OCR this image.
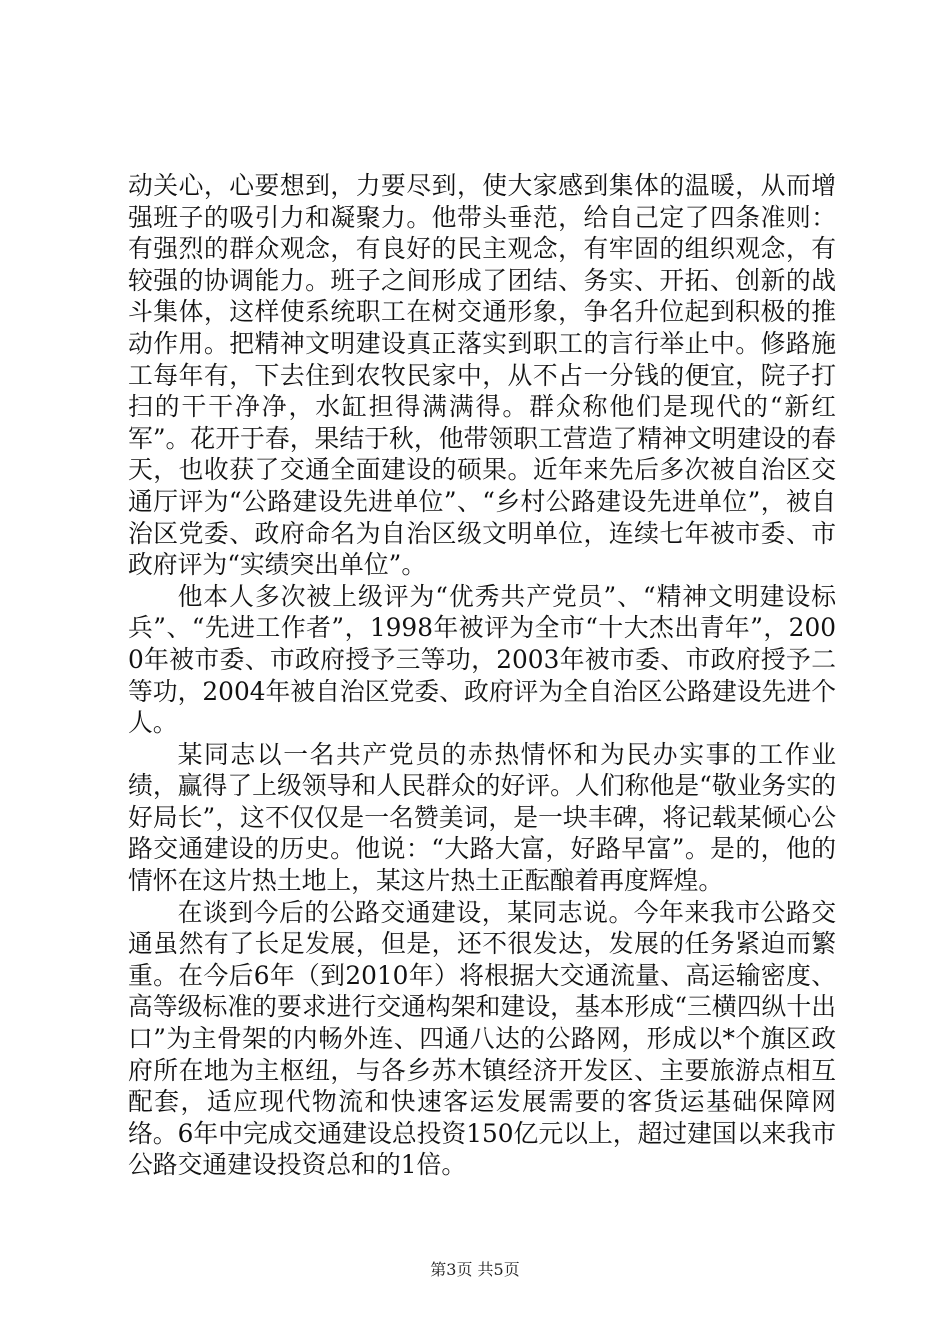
动关心，心要想到，力要尽到，使大家感到集体的温暖，从而增强班子的吸引力和凝聚力。他带头垂范，给自己定了四条准则：有强烈的群众观念，有良好的民主观念，有牢固的组织观念，有较强的协调能力。班子之间形成了团结、务实、开拓、创新的战斗集体，这样使系统职工在树交通形象，争名升位起到积极的推动作用。把精神文明建设真正落实到职工的言行举止中。修路施工每年有，下去住到农牧民家中，从不占一分钱的便宜，院子打扫的干干净净，水缸担得满满得。群众称他们是现代的“新红军”。花开于春，果结于秋，他带领职工营造了精神文明建设的春天，也收获了交通全面建设的硕果。近年来先后多次被自治区交通厅评为“公路建设先进单位”、“乡村公路建设先进单位”，被自治区党委、政府命名为自治区级文明单位，连续七年被市委、市政府评为“实绩突出单位”。

他本人多次被上级评为“优秀共产党员”、“精神文明建设标兵”、“先进工作者”，1998年被评为全市“十大杰出青年”，2000年被市委、市政府授予三等功，2003年被市委、市政府授予二等功，2004年被自治区党委、政府评为全自治区公路建设先进个人。

某同志以一名共产党员的赤热情怀和为民办实事的工作业绩，赢得了上级领导和人民群众的好评。人们称他是“敬业务实的好局长”，这不仅仅是一名赞美词，是一块丰碑，将记载某倾心公路交通建设的历史。他说：“大路大富，好路早富”。是的，他的情怀在这片热土地上，某这片热土正酝酿着再度辉煌。

在谈到今后的公路交通建设，某同志说。今年来我市公路交通虽然有了长足发展，但是，还不很发达，发展的任务紧迫而繁重。在今后6年（到2010年）将根据大交通流量、高运输密度、高等级标准的要求进行交通构架和建设，基本形成“三横四纵十出口”为主骨架的内畅外连、四通八达的公路网，形成以*个旗区政府所在地为主枢纽，与各乡苏木镇经济开发区、主要旅游点相互配套，适应现代物流和快速客运发展需要的客货运基础保障网络。6年中完成交通建设总投资150亿元以上，超过建国以来我市公路交通建设投资总和的1倍。

第3页 共5页
